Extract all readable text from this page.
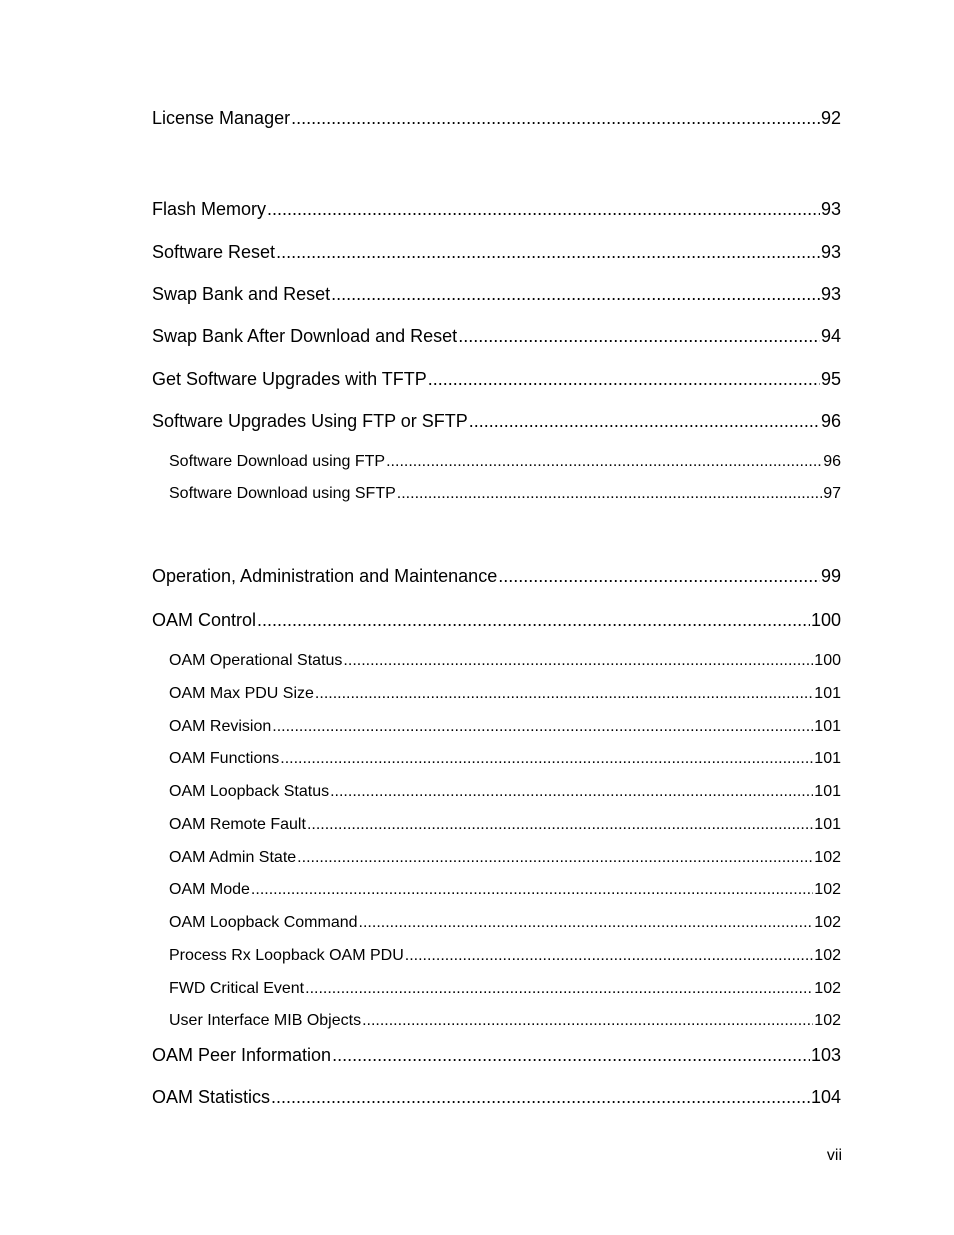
License Manager .....	92
Flash Memory .....	93
Software Reset .....	93
Swap Bank and Reset .....	93
Swap Bank After Download and Reset .....	94
Get Software Upgrades with TFTP .....	95
Software Upgrades Using FTP or SFTP .....	96
Software Download using FTP .....	96
Software Download using SFTP .....	97
Operation, Administration and Maintenance .....	99
OAM Control .....	100
OAM Operational Status .....	100
OAM Max PDU Size .....	101
OAM Revision .....	101
OAM Functions .....	101
OAM Loopback Status .....	101
OAM Remote Fault .....	101
OAM Admin State .....	102
OAM Mode .....	102
OAM Loopback Command .....	102
Process Rx Loopback OAM PDU .....	102
FWD Critical Event .....	102
User Interface MIB Objects .....	102
OAM Peer Information .....	103
OAM Statistics .....	104
vii
